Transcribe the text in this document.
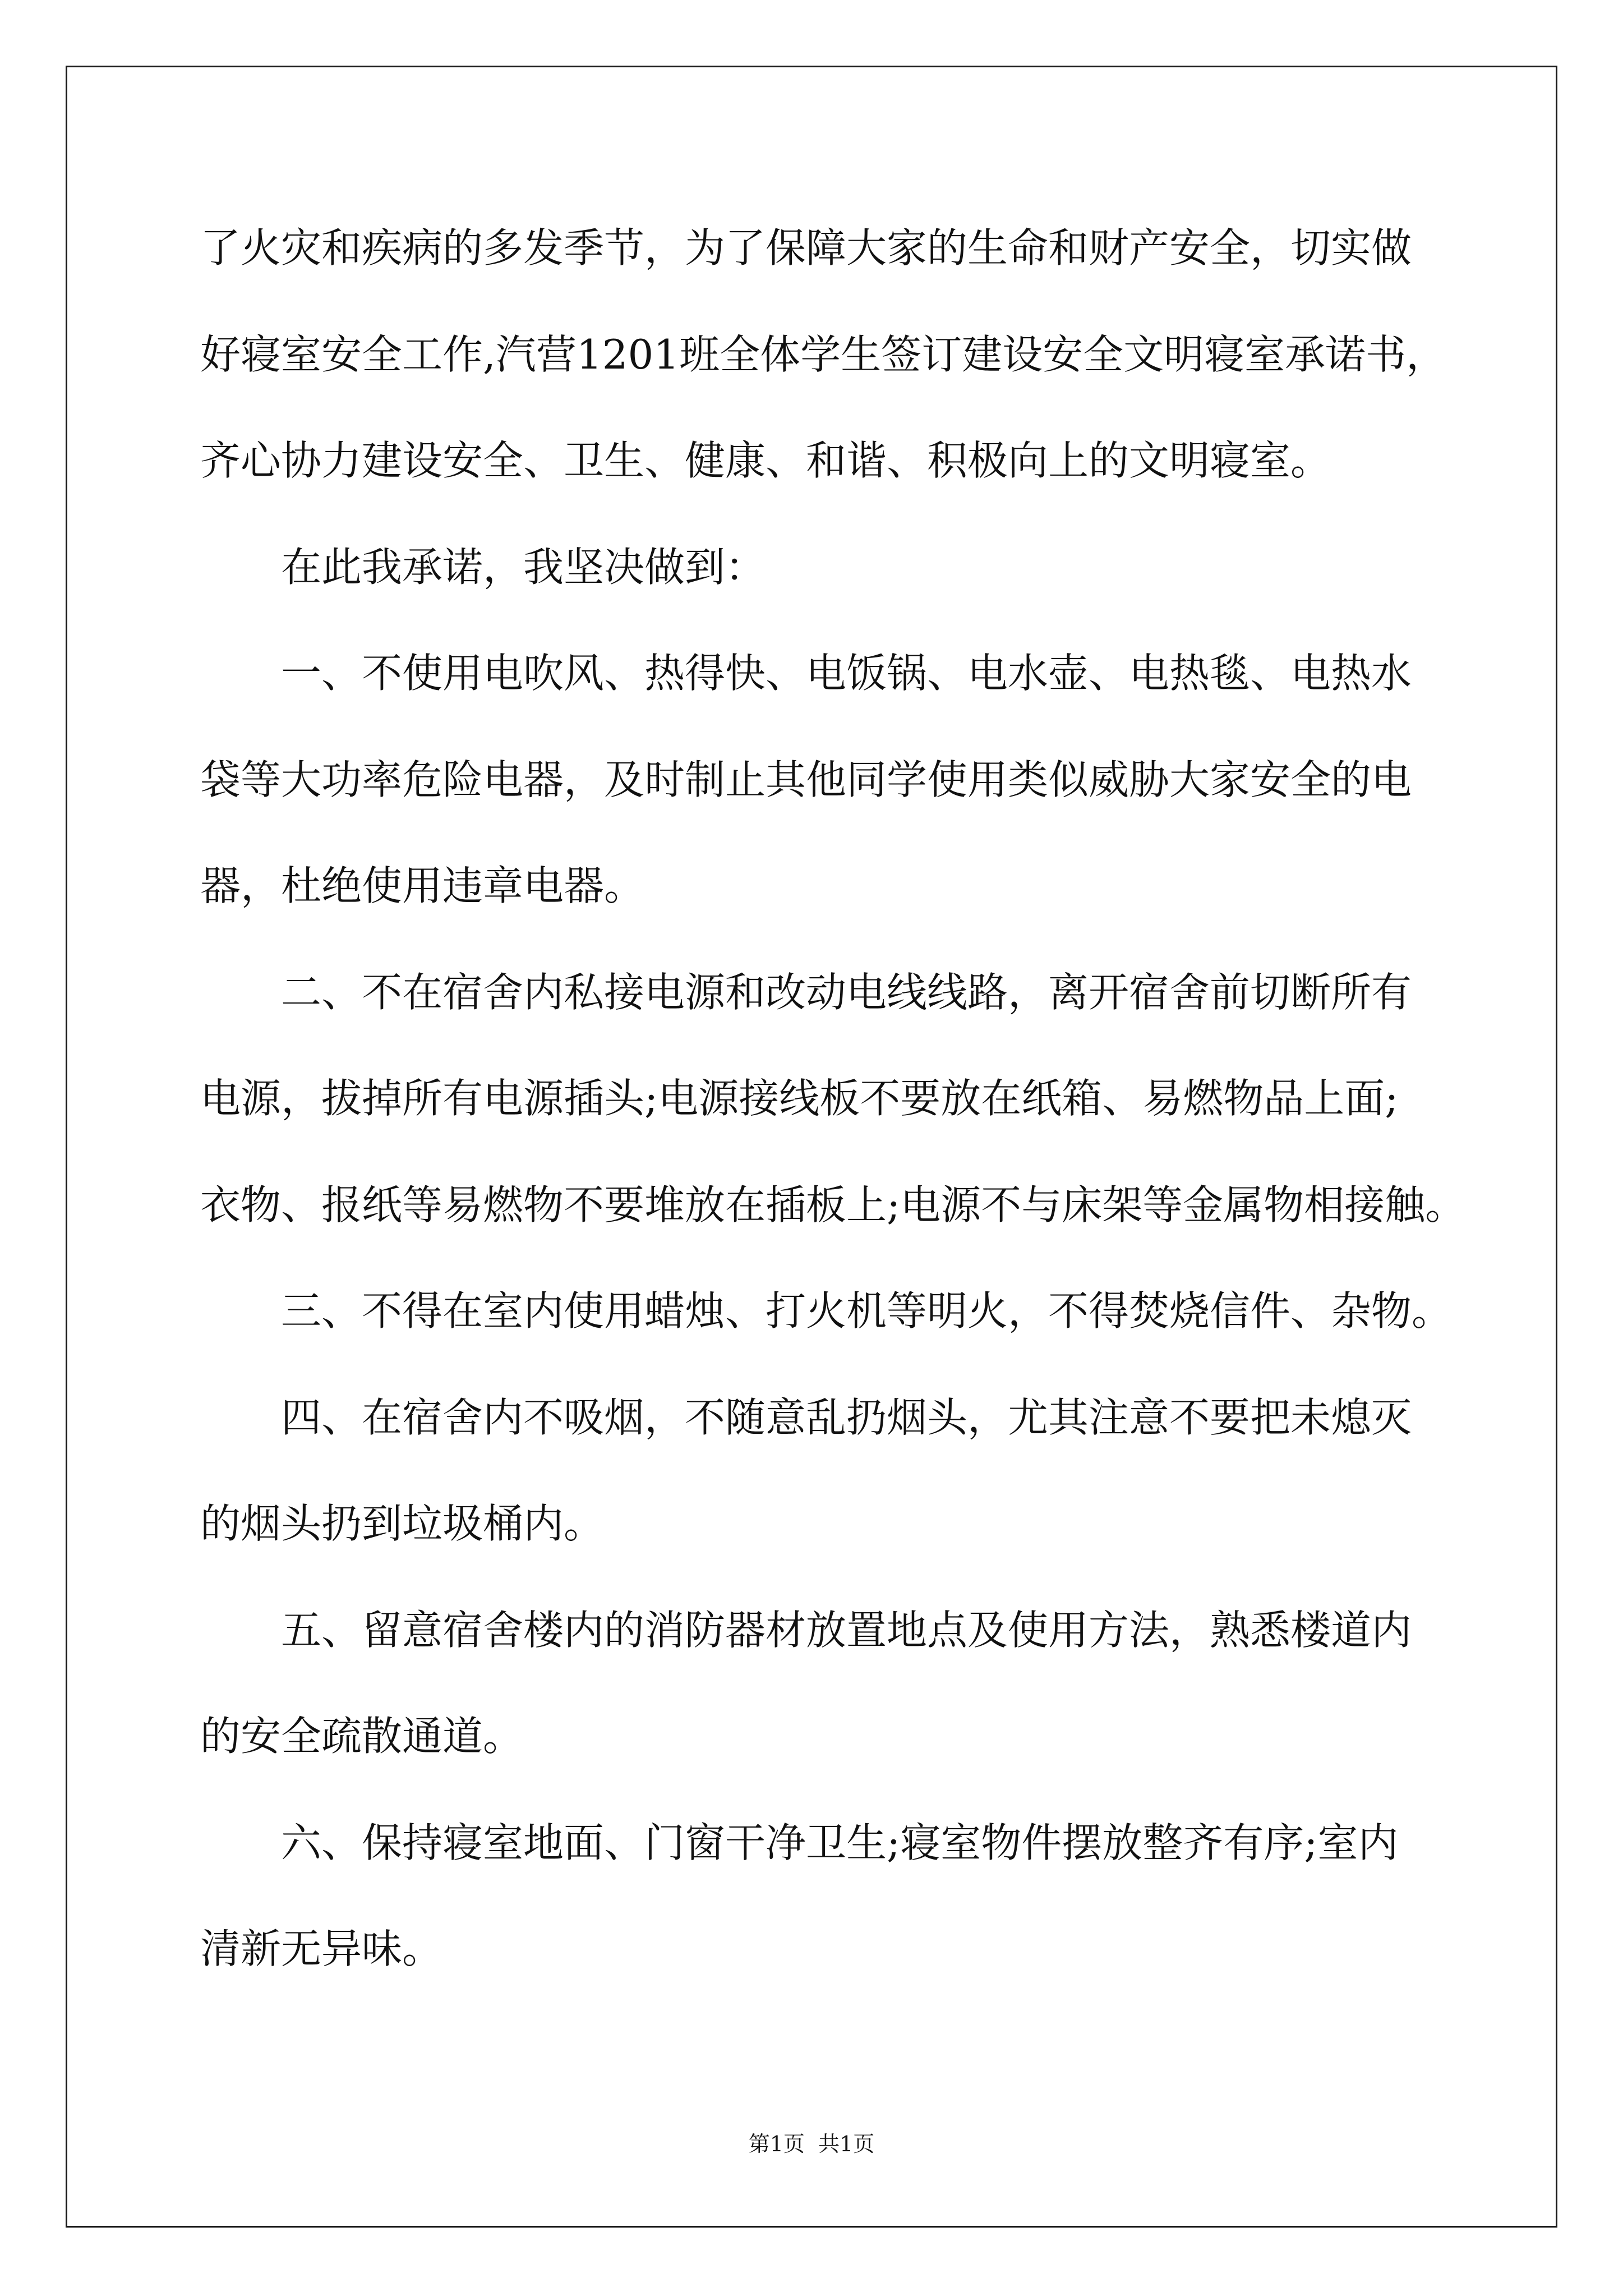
了火灾和疾病的多发季节，为了保障大家的生命和财产安全，切实做
好寝室安全工作,汽营1201班全体学生签订建设安全文明寝室承诺书，
齐心协力建设安全、卫生、健康、和谐、积极向上的文明寝室。
在此我承诺，我坚决做到：
一、不使用电吹风、热得快、电饭锅、电水壶、电热毯、电热水
袋等大功率危险电器，及时制止其他同学使用类似威胁大家安全的电
器，杜绝使用违章电器。
二、不在宿舍内私接电源和改动电线线路，离开宿舍前切断所有
电源，拔掉所有电源插头;电源接线板不要放在纸箱、易燃物品上面;
衣物、报纸等易燃物不要堆放在插板上;电源不与床架等金属物相接触。
三、不得在室内使用蜡烛、打火机等明火，不得焚烧信件、杂物。
四、在宿舍内不吸烟，不随意乱扔烟头，尤其注意不要把未熄灭
的烟头扔到垃圾桶内。
五、留意宿舍楼内的消防器材放置地点及使用方法，熟悉楼道内
的安全疏散通道。
六、保持寝室地面、门窗干净卫生;寝室物件摆放整齐有序;室内
清新无异味。
第1页  共1页
